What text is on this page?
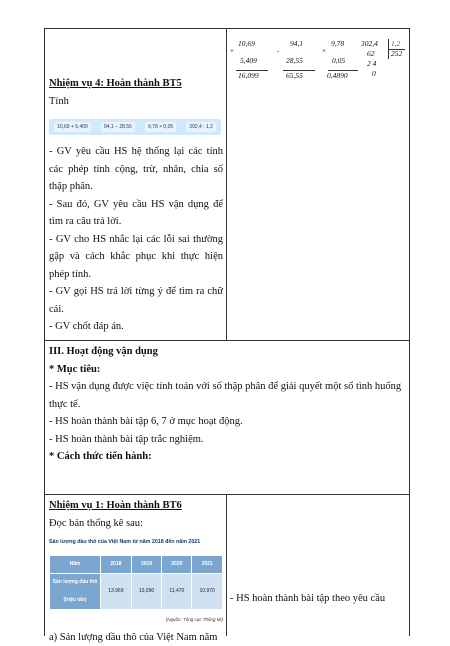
Nhiệm vụ 4: Hoàn thành BT5
Tính
10,69 + 5,409	94,1 − 28,55	9,78 × 0,05	302,4 : 1,2
- GV yêu cầu HS hệ thống lại các tính các phép tính cộng, trừ, nhân, chia số thập phân.
- Sau đó, GV yêu cầu HS vận dụng để tìm ra câu trả lời.
- GV cho HS nhắc lại các lỗi sai thường gặp và cách khắc phục khi thực hiện phép tính.
- GV gọi HS trả lời từng ý để tìm ra chữ cái.
- GV chốt đáp án.
+
10,69
5,409
16,099
-
94,1
28,55
65,55
×
9,78
0,05
0,4890
302,4 1,2
252
62
2 4
0
III. Hoạt động vận dụng
* Mục tiêu:
- HS vận dụng được việc tính toán với số thập phân để giải quyết một số tình huống thực tế.
- HS hoàn thành bài tập 6, 7 ở mục hoạt động.
- HS hoàn thành bài tập trắc nghiệm.
* Cách thức tiến hành:
Nhiệm vụ 1: Hoàn thành BT6
Đọc bản thống kê sau:
Sản lượng dầu thô của Việt Nam từ năm 2018 đến năm 2021
Năm	2018	2019	2020	2021
Sản lượng dầu thô (triệu tấn)	13,969	13,090	11,470	10,970
(Nguồn: Tổng cục Thống kê)
a) Sản lượng dầu thô của Việt Nam năm
- HS hoàn thành bài tập theo yêu cầu
